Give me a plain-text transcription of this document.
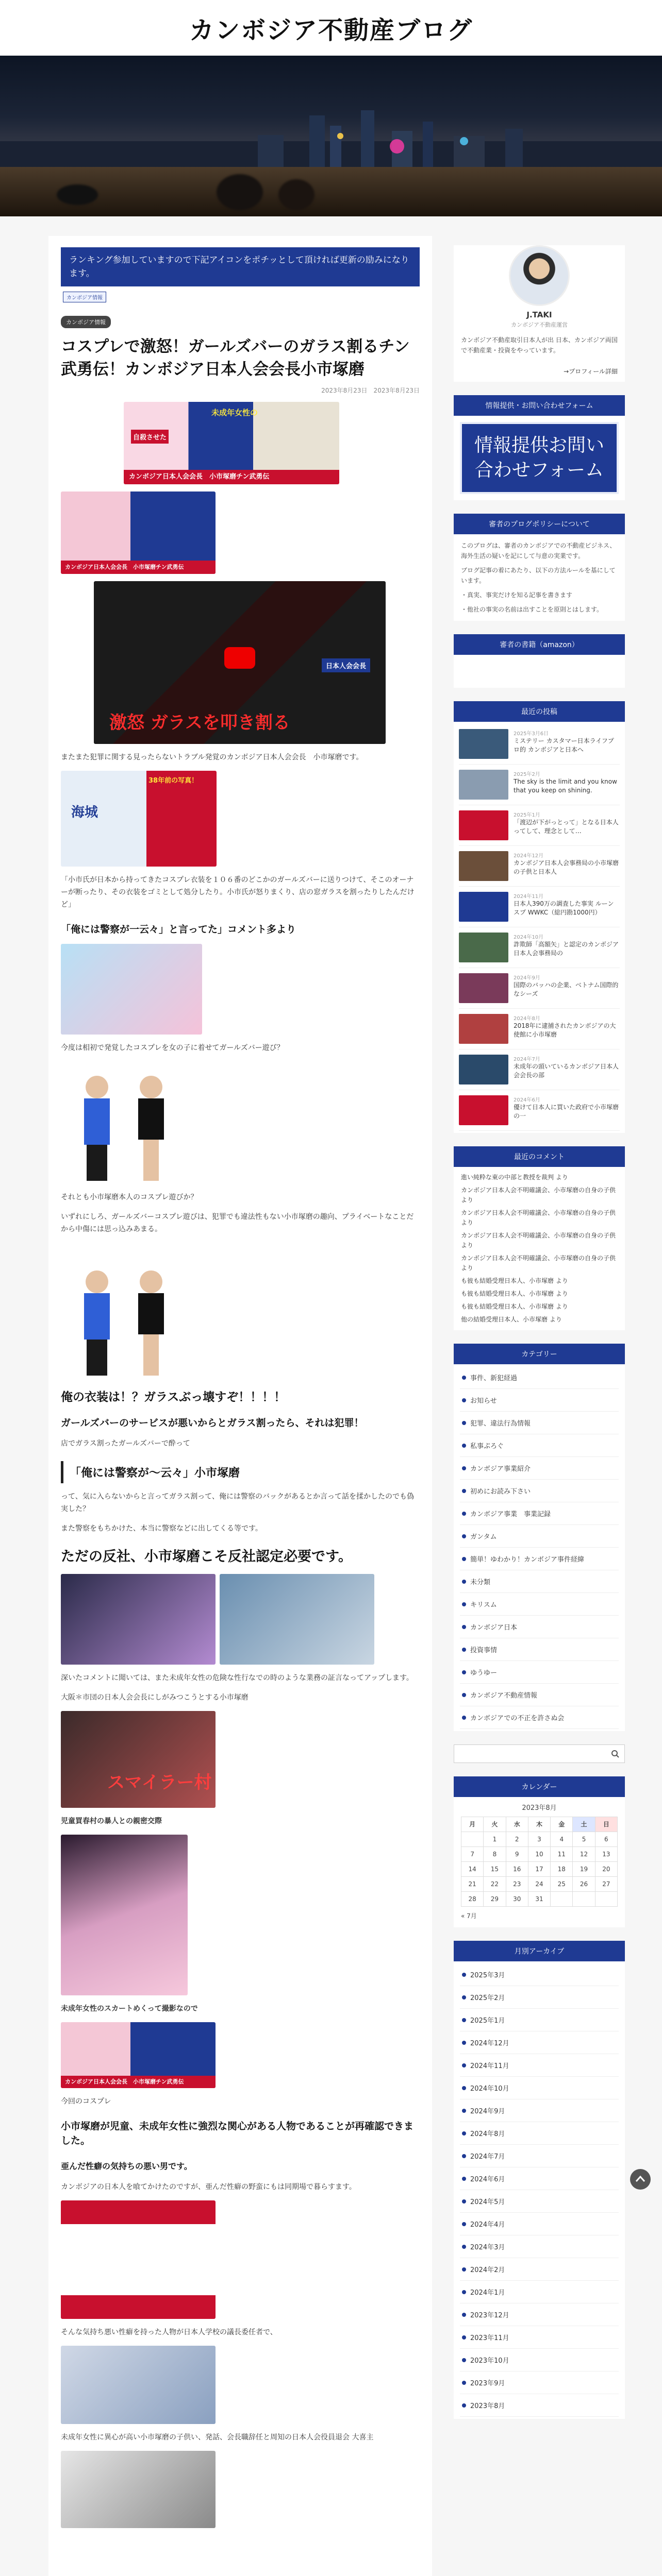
カンボジア不動産ブログ
ランキング参加していますので下記アイコンをポチッとして頂ければ更新の励みになります。
カンボジア情報
カンボジア情報
コスプレで激怒！ガールズバーのガラス割るチン武勇伝！カンボジア日本人会会長小市塚磨
2023年8月23日　2023年8月23日
未成年女性の
自殺させた
カンボジア日本人会会長　小市塚磨チン武勇伝
カンボジア日本人会会長　小市塚磨チン武勇伝
日本人会会長
激怒 ガラスを叩き割る

またまた犯罪に関する見ったらないトラブル発覚のカンボジア日本人会会長　小市塚磨です。

海城
38年前の写真！

「小市氏が日本から持ってきたコスプレ衣装を１０６番のどこかのガールズバーに送りつけて、そこのオーナーが断ったり、その衣装をゴミとして処分したり。小市氏が怒りまくり、店の窓ガラスを割ったりしたんだけど」

「俺には警察が一云々」と言ってた」コメント多より

今度は相初で発覚したコスプレを女の子に着せてガールズバー遊び？

それとも小市塚磨本人のコスプレ遊びか？

いずれにしろ、ガールズバーコスプレ遊びは、犯罪でも違法性もない小市塚磨の趣向、プライベートなことだから中傷には思っ込みあまる。

俺の衣装は！？ガラスぶっ壊すぞ！！！！
ガールズバーのサービスが悪いからとガラス割ったら、それは犯罪！

店でガラス割ったガールズバーで酔って

「俺には警察が〜云々」小市塚磨

って、気に入らないからと言ってガラス割って、俺には警察のバックがあるとか言って話を揉かしたのでも偽実した？

また警察をもちかけた、本当に警察などに出してくる等です。

ただの反社、小市塚磨こそ反社認定必要です。

深いたコメントに聞いては、また未成年女性の危険な性行なでの時のような業務の証言なってアップします。

大阪＊市団の日本人会会長にしがみつこうとする小市塚磨

スマイラー村

児童買春村の暴人との親密交際

未成年女性のスカートめくって撮影なので

カンボジア日本人会会長　小市塚磨チン武勇伝

今回のコスプレ

小市塚磨が児童、未成年女性に強烈な関心がある人物であることが再確認できました。
亜んだ性癖の気持ちの悪い男です。

カンボジアの日本人を喰てかけたのですが、亜んだ性癖の野蛮にもは同期場で暮らすます。

そんな気持ち悪い性癖を持った人物が日本人学校の議長委任者で、

未成年女性に異心が高い小市塚磨の子供い、発話、会長職辞任と周知の日本人会役員退会 大喜主

J.TAKI
カンボジア不動産運営
カンボジア不動産取引日本人が出 日本、カンボジア両国で不動産業・投資をやっています。
→プロフィール詳細
情報提供・お問い合わせフォーム
情報提供お問い合わせフォーム
審者のプログポリシーについて

このブログは、審者のカンボジアでの不動産ビジネス、海外生活の疑いを記にして与意の実業です。

ブログ記事の着にあたり、以下の方法ルールを基にしています。

・真実、事実だけを知る記事を書きます

・他社の事実の名前は出すことを原則とはします。

審者の書籍（amazon）
最近の投稿
2025年3月6日
ミステリー カスタマー日本ライフプロ的 カンボジアと日本へ
2025年2月
The sky is the limit and you know that you keep on shining.
2025年1月
「渡辺が下がっとって」となる日本人ってして、理念として…
2024年12月
カンボジア日本人会事務局の小市塚磨の子供と日本人
2024年11月
日本人390万の調査した事実 ルーンスプ WWKC（総円勘1000円）
2024年10月
詐欺師「高額矢」と認定のカンボジア日本人会事務局の
2024年9月
国際のバッハの企業、ベトナム国際的なシーズ
2024年8月
2018年に逮捕されたカンボジアの大使館に小市塚磨
2024年7月
未成年の頭いているカンボジア日本人会会長の部
2024年6月
優けて日本人に買いた政府で小市塚磨の一
最近のコメント
進い純粋な東の中部と教授を裁判 より
カンボジア日本人会不明確議会、小市塚磨の自身の子供 より
カンボジア日本人会不明確議会、小市塚磨の自身の子供 より
カンボジア日本人会不明確議会、小市塚磨の自身の子供 より
カンボジア日本人会不明確議会、小市塚磨の自身の子供 より
も彼も結婚受理日本人、小市塚磨 より
も彼も結婚受理日本人、小市塚磨 より
も彼も結婚受理日本人、小市塚磨 より
他の結婚受理日本人、小市塚磨 より
カテゴリー
事件、新犯経過
お知らせ
犯罪、違法行為情報
私事ぷろぐ
カンボジア事業紹介
初めにお読み下さい
カンボジア事業　事業記録
ガンタム
簡単！ゆわかり！カンボジア事件経緯
未分類
キリスム
カンボジア日本
投資事情
ゆうゆー
カンボジア不動産情報
カンボジアでの不正を許さぬ会
カレンダー
2023年8月
月	火	水	木	金	土	日
	1	2	3	4	5	6
7	8	9	10	11	12	13
14	15	16	17	18	19	20
21	22	23	24	25	26	27
28	29	30	31			
« 7月
月別アーカイブ
2025年3月
2025年2月
2025年1月
2024年12月
2024年11月
2024年10月
2024年9月
2024年8月
2024年7月
2024年6月
2024年5月
2024年4月
2024年3月
2024年2月
2024年1月
2023年12月
2023年11月
2023年10月
2023年9月
2023年8月
